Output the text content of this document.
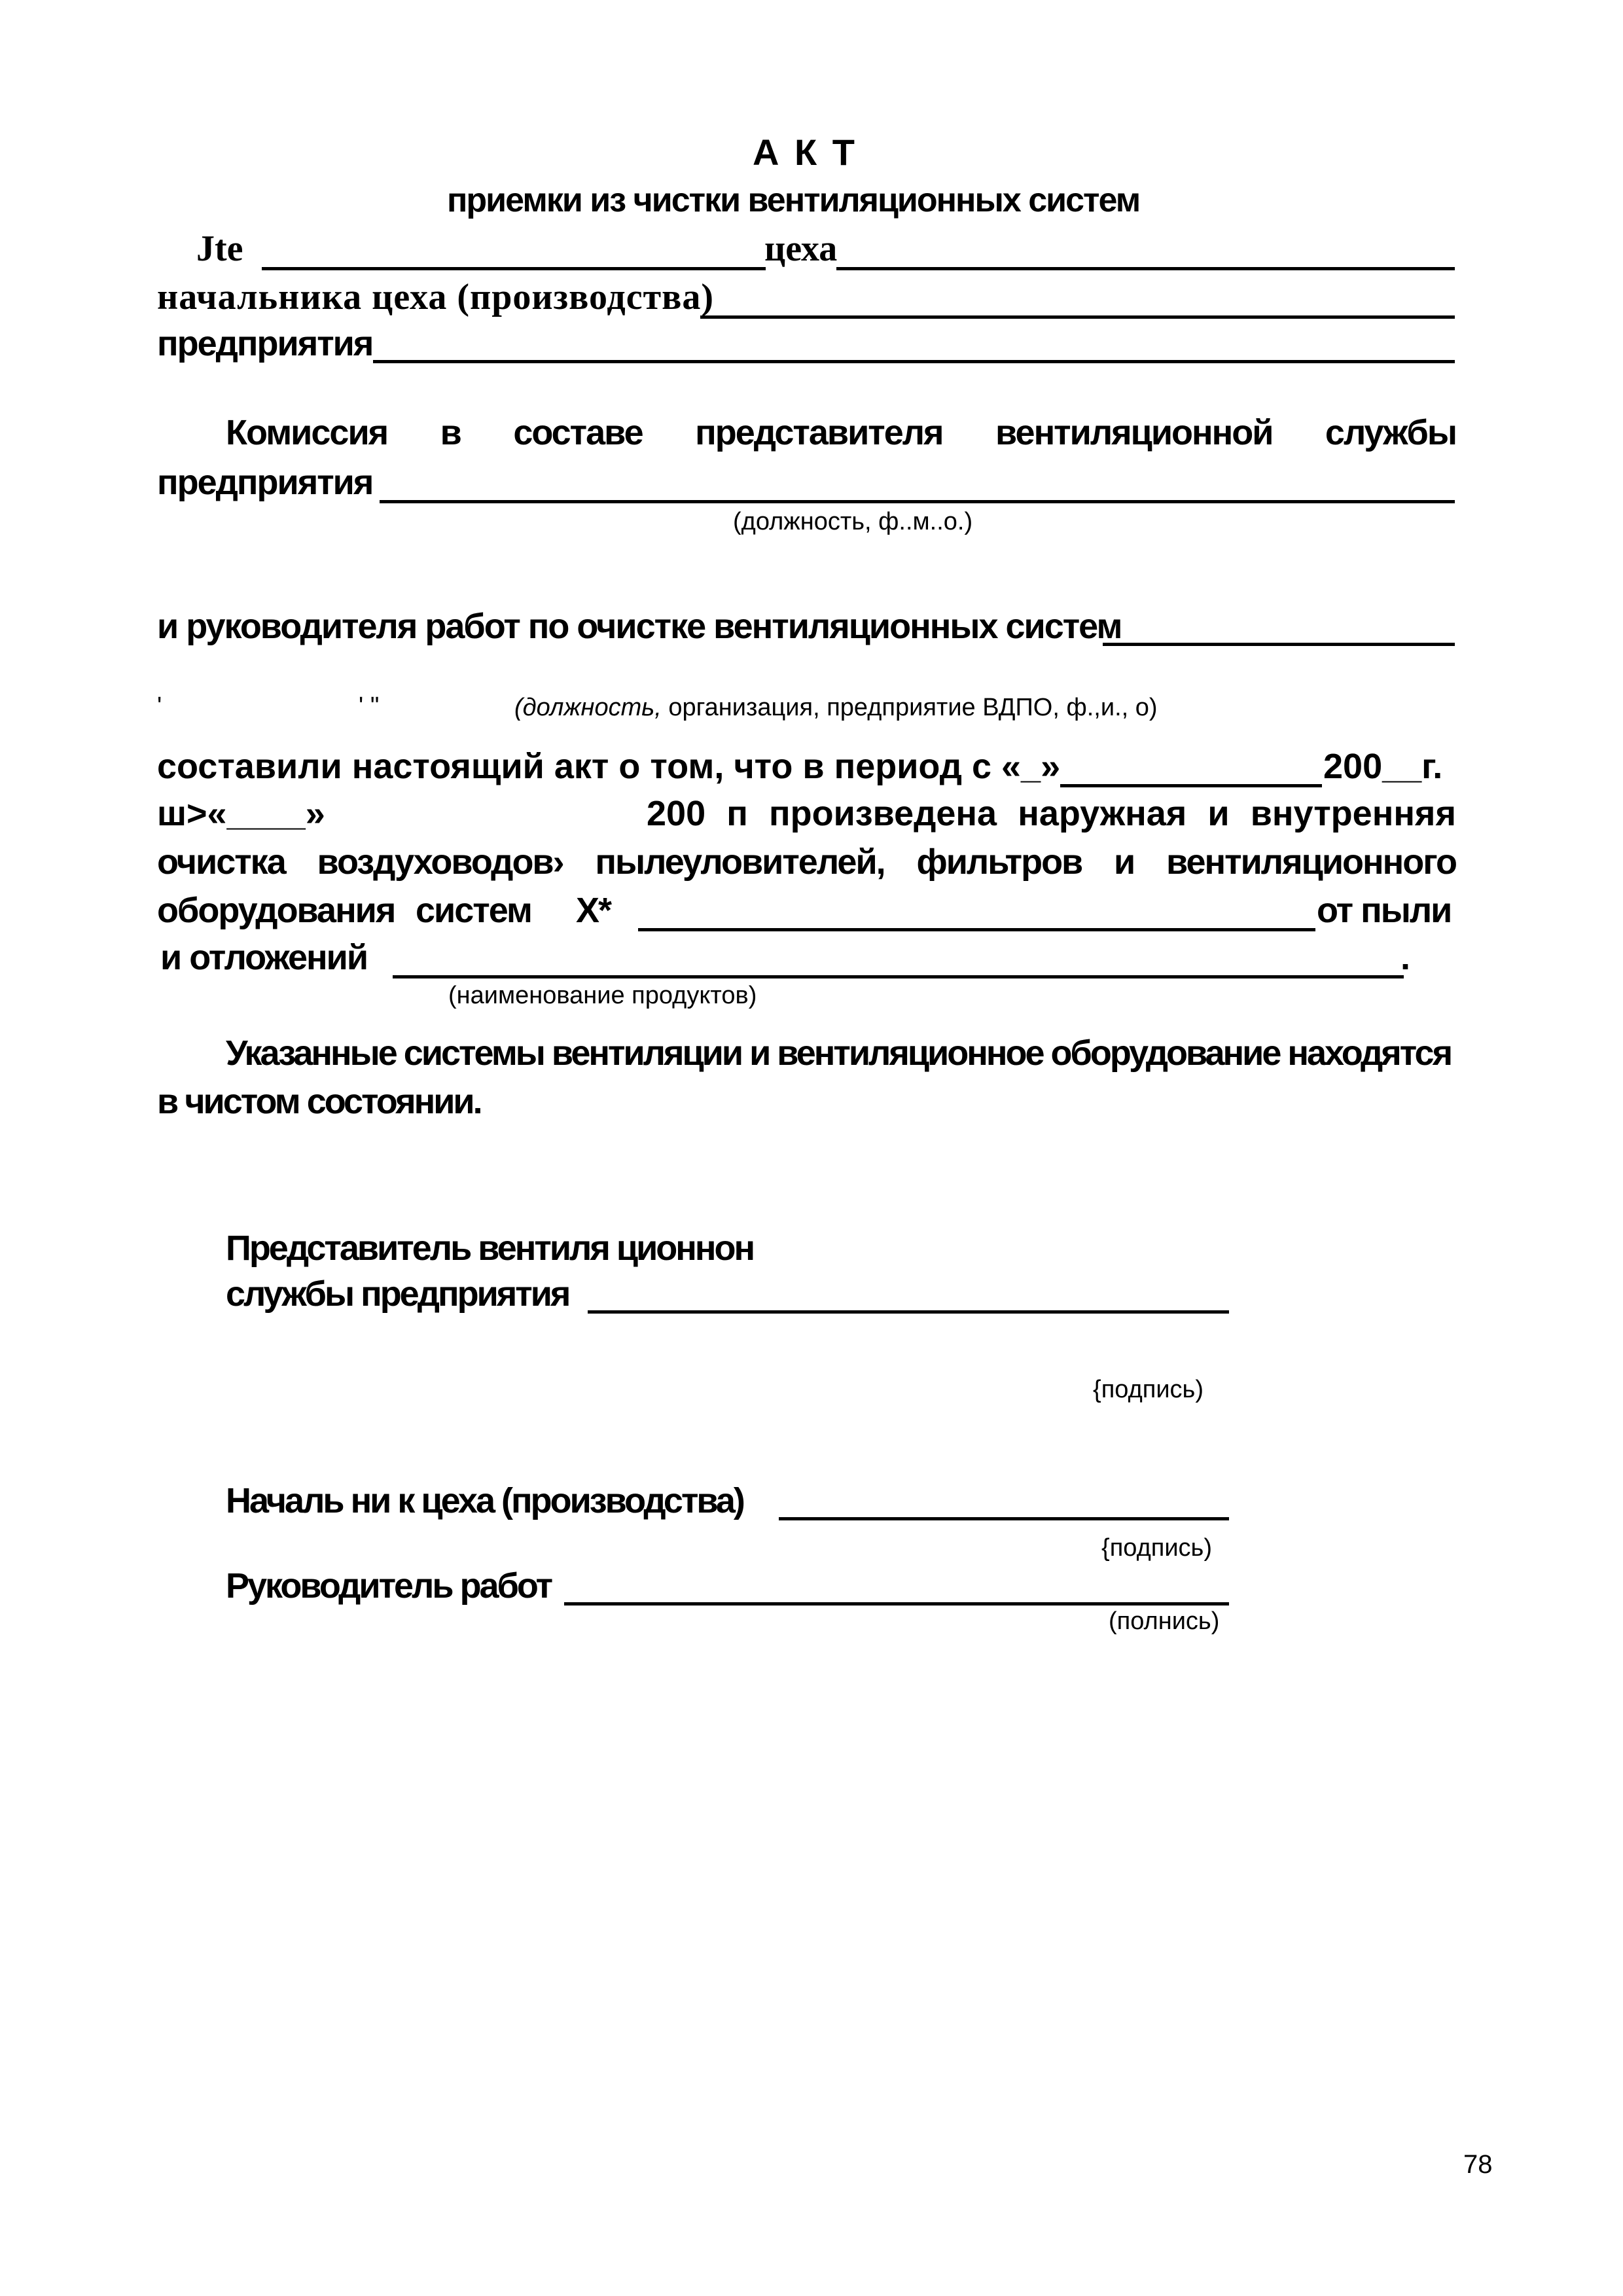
А К Т
приемки из чистки вентиляционных систем
Jte	цеха
начальника цеха (производства)
предприятия
Комиссия в составе представителя вентиляционной службы
предприятия
(должность, ф..м..о.)
и руководителя работ по очистке вентиляционных систем
'	' "	(должность, организация, предприятие ВДПО, ф.,и., о)
составили настоящий акт о том, что в период с «_»	200__г.
ш>«____»	200 п произведена наружная и внутренняя
очистка воздуховодов› пылеуловителей, фильтров и вентиляционного
оборудования систем X*	от пыли
и отложений	.
(наименование продуктов)
Указанные системы вентиляции и вентиляционное оборудование находятся
в чистом состоянии.
Представитель вентиля ционнон
службы предприятия
{подпись)
Началь ни к цеха (производства)
{подпись)
Руководитель работ
(полнись)
78
